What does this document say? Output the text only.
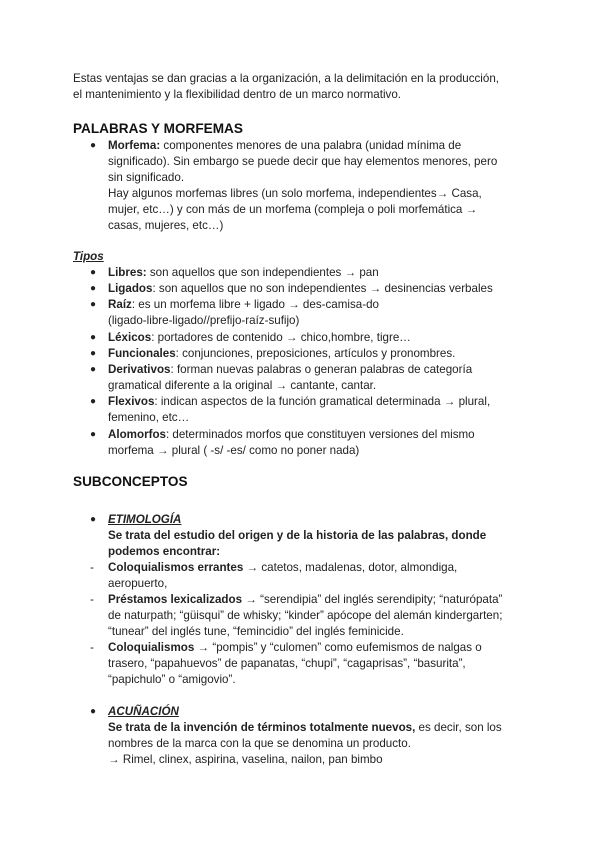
Estas ventajas se dan gracias a la organización, a la delimitación en la producción,
el mantenimiento y la flexibilidad dentro de un marco normativo.
PALABRAS Y MORFEMAS
● Morfema: componentes menores de una palabra (unidad mínima de
significado). Sin embargo se puede decir que hay elementos menores, pero
sin significado.
Hay algunos morfemas libres (un solo morfema, independientes→ Casa,
mujer, etc…) y con más de un morfema (compleja o poli morfemática →
casas, mujeres, etc…)
Tipos
● Libres: son aquellos que son independientes → pan
● Ligados: son aquellos que no son independientes → desinencias verbales
● Raíz: es un morfema libre + ligado → des-camisa-do
(ligado-libre-ligado//prefijo-raíz-sufijo)
● Léxicos: portadores de contenido → chico,hombre, tigre…
● Funcionales: conjunciones, preposiciones, artículos y pronombres.
● Derivativos: forman nuevas palabras o generan palabras de categoría
gramatical diferente a la original → cantante, cantar.
● Flexivos: indican aspectos de la función gramatical determinada → plural,
femenino, etc…
● Alomorfos: determinados morfos que constituyen versiones del mismo
morfema → plural ( -s/ -es/ como no poner nada)
SUBCONCEPTOS
● ETIMOLOGÍA
Se trata del estudio del origen y de la historia de las palabras, donde
podemos encontrar:
- Coloquialismos errantes → catetos, madalenas, dotor, almondiga,
aeropuerto,
- Préstamos lexicalizados → “serendipia” del inglés serendipity; “naturópata”
de naturpath; “güisqui” de whisky; “kinder” apócope del alemán kindergarten;
“tunear” del inglés tune, “femincidio” del inglés feminicide.
- Coloquialismos → “pompis” y “culomen” como eufemismos de nalgas o
trasero, “papahuevos” de papanatas, “chupi”, “cagaprisas”, “basurita”,
“papichulo” o “amigovio”.
● ACUÑACIÓN
Se trata de la invención de términos totalmente nuevos, es decir, son los
nombres de la marca con la que se denomina un producto.
→ Rimel, clinex, aspirina, vaselina, nailon, pan bimbo
